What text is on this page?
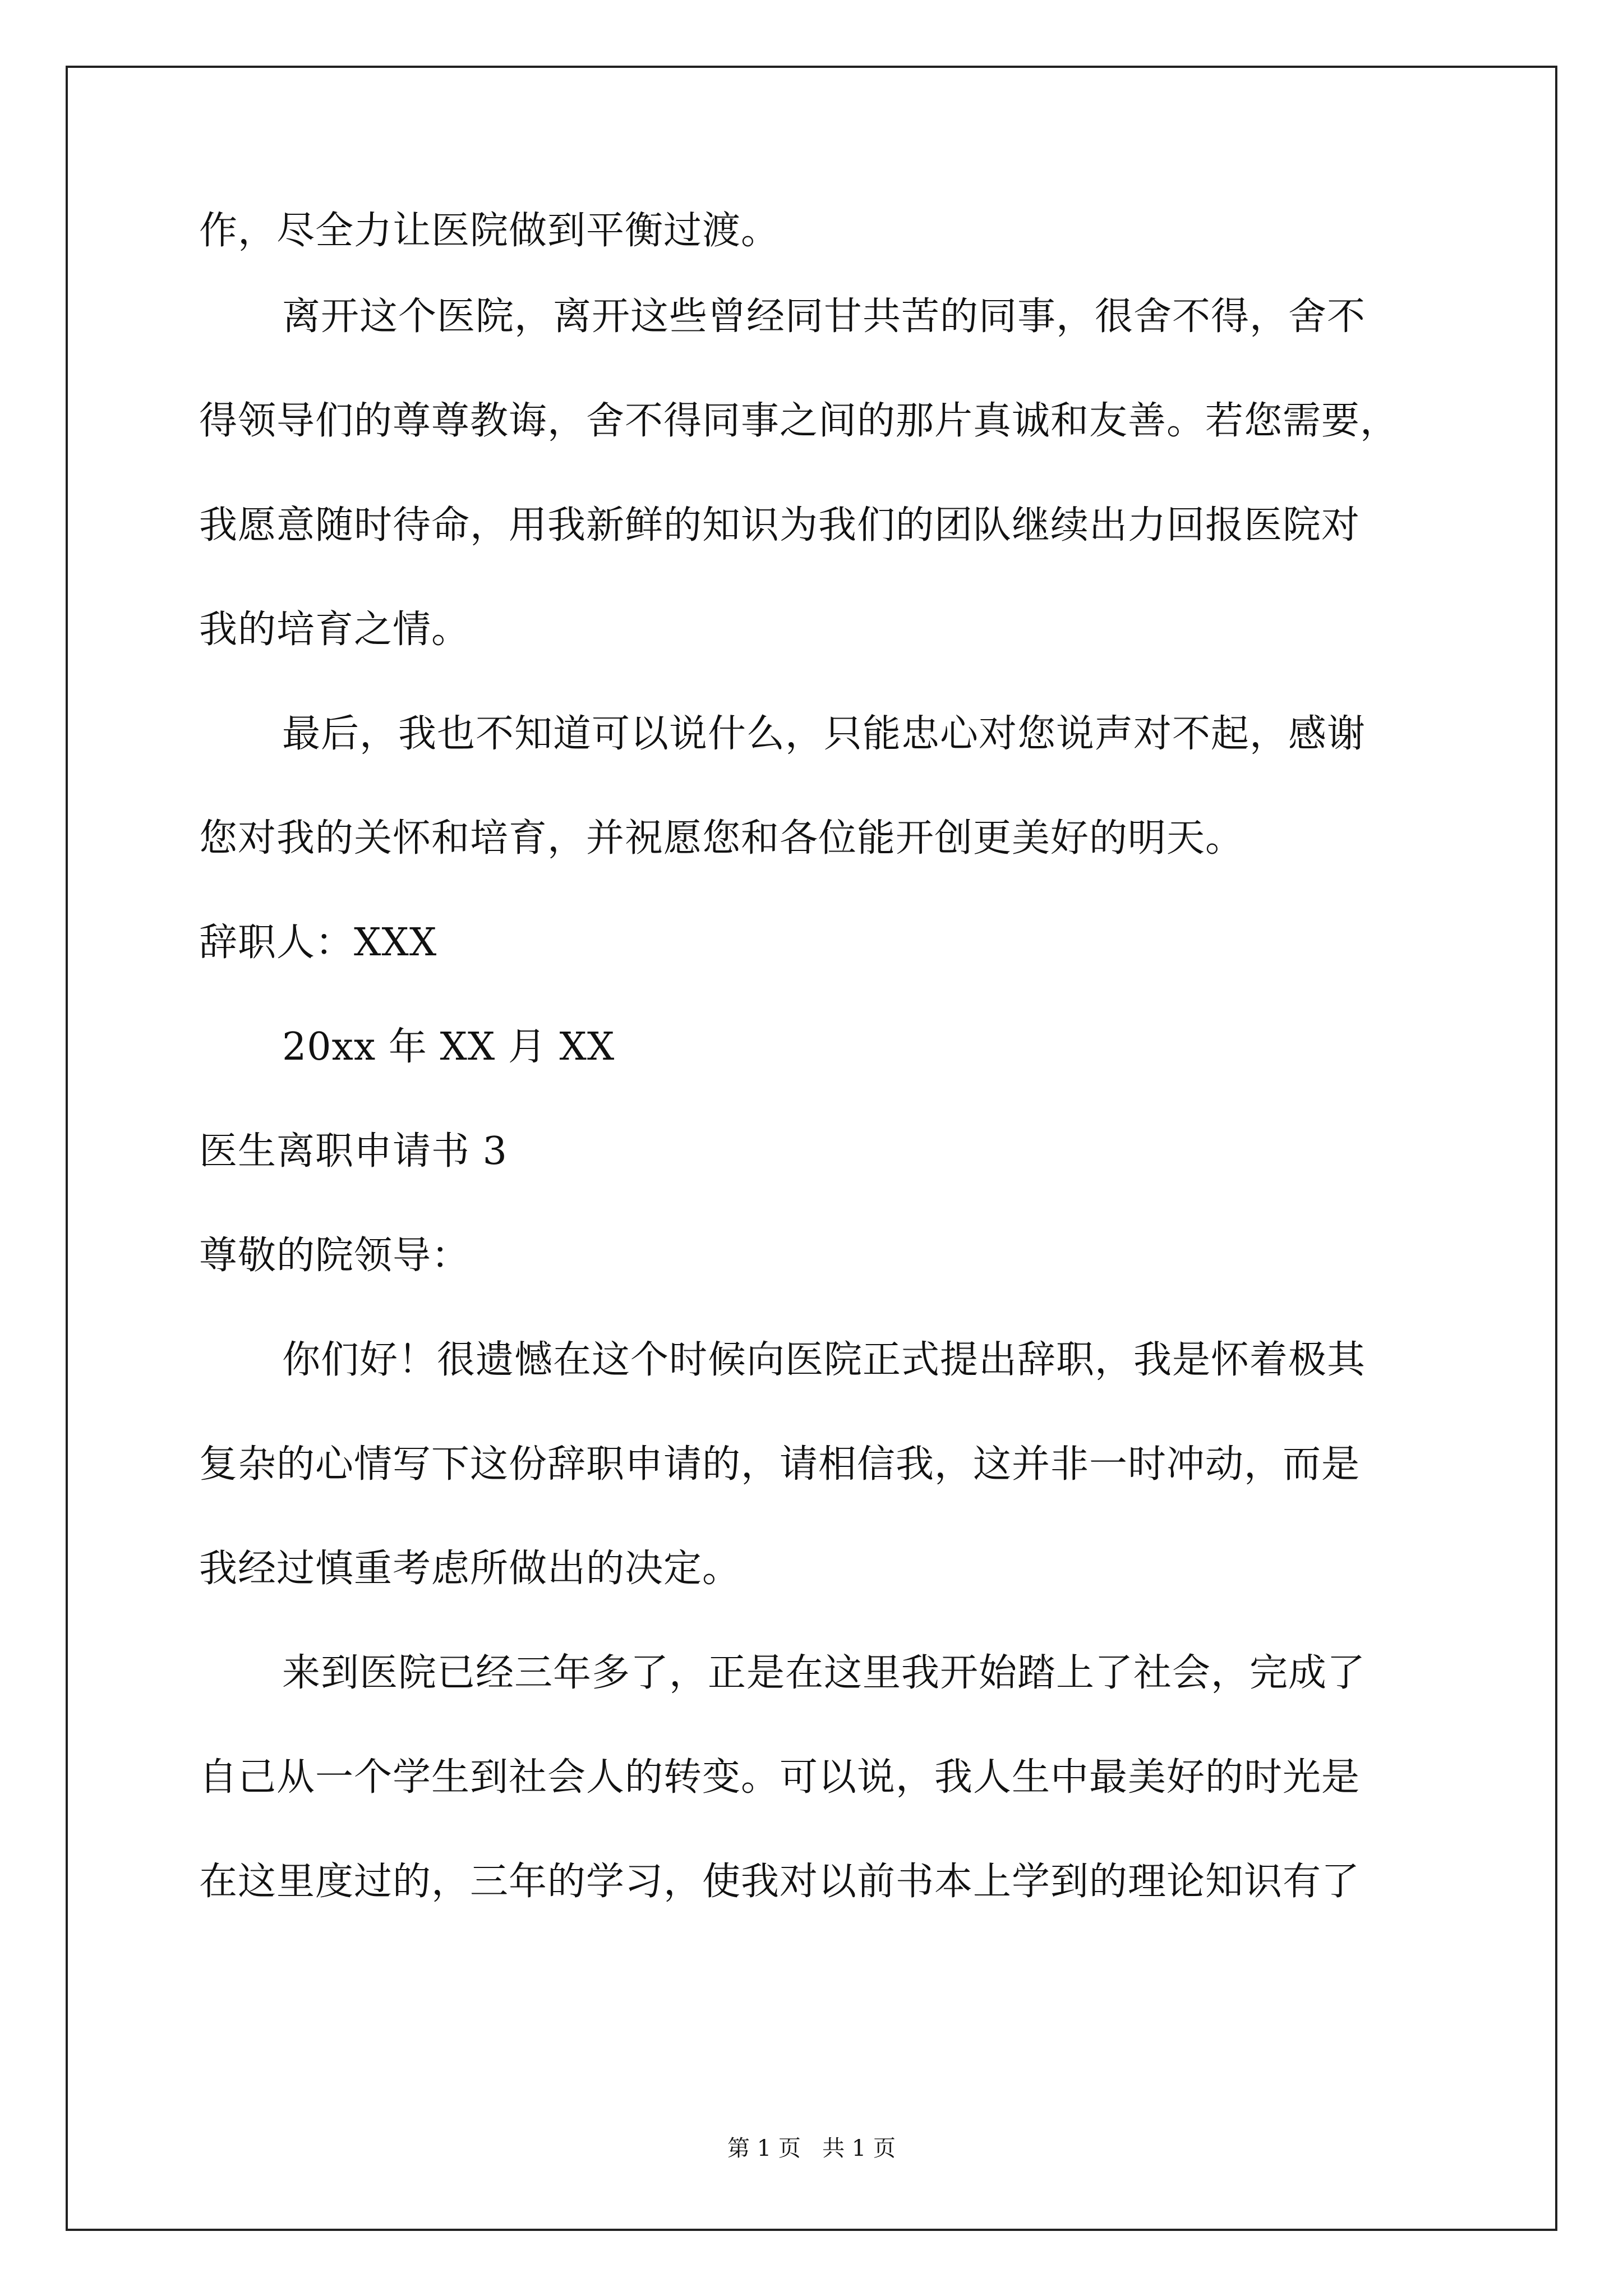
作，尽全力让医院做到平衡过渡。
离开这个医院，离开这些曾经同甘共苦的同事，很舍不得，舍不
得领导们的尊尊教诲，舍不得同事之间的那片真诚和友善。若您需要，
我愿意随时待命，用我新鲜的知识为我们的团队继续出力回报医院对
我的培育之情。
最后，我也不知道可以说什么，只能忠心对您说声对不起，感谢
您对我的关怀和培育，并祝愿您和各位能开创更美好的明天。
辞职人：XXX
20xx 年 XX 月 XX
医生离职申请书 3
尊敬的院领导：
你们好！很遗憾在这个时候向医院正式提出辞职，我是怀着极其
复杂的心情写下这份辞职申请的，请相信我，这并非一时冲动，而是
我经过慎重考虑所做出的决定。
来到医院已经三年多了，正是在这里我开始踏上了社会，完成了
自己从一个学生到社会人的转变。可以说，我人生中最美好的时光是
在这里度过的，三年的学习，使我对以前书本上学到的理论知识有了
第 1 页   共 1 页
